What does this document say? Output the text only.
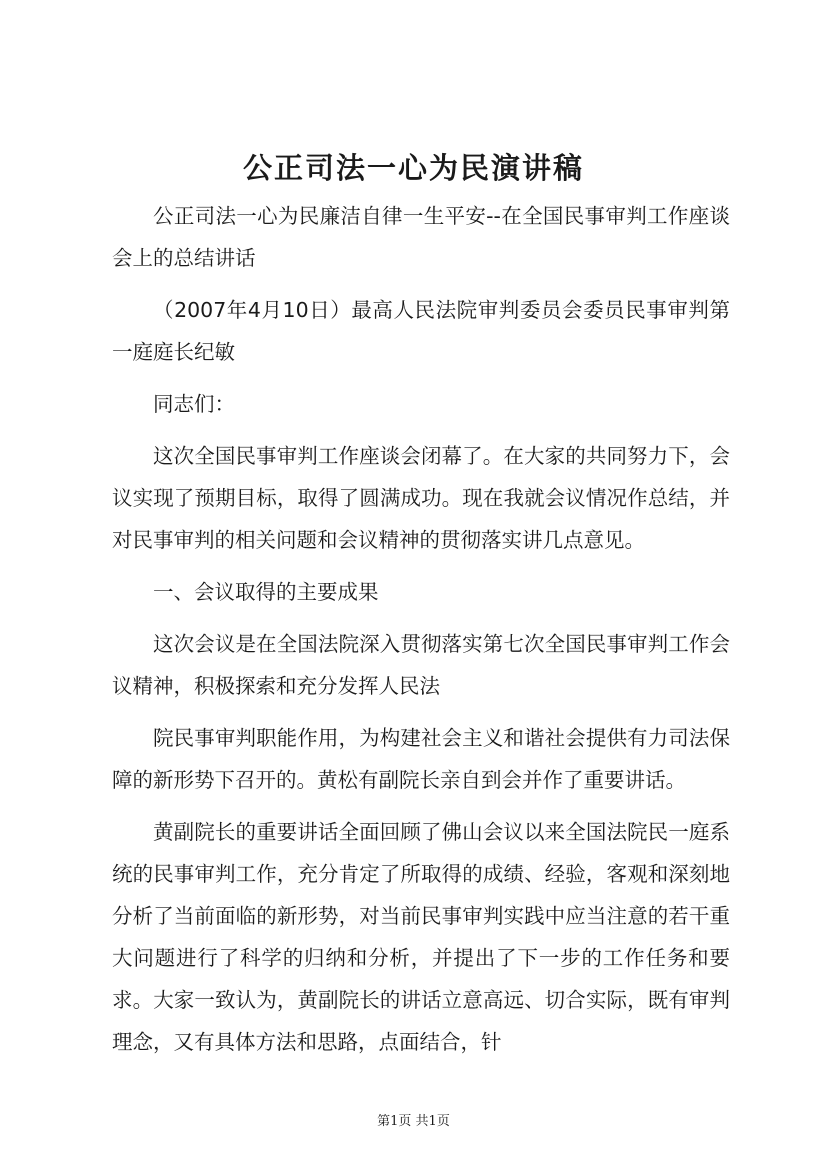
公正司法一心为民演讲稿

公正司法一心为民廉洁自律一生平安--在全国民事审判工作座谈会上的总结讲话

（2007年4月10日）最高人民法院审判委员会委员民事审判第一庭庭长纪敏

同志们：

这次全国民事审判工作座谈会闭幕了。在大家的共同努力下，会议实现了预期目标，取得了圆满成功。现在我就会议情况作总结，并对民事审判的相关问题和会议精神的贯彻落实讲几点意见。

一、会议取得的主要成果

这次会议是在全国法院深入贯彻落实第七次全国民事审判工作会议精神，积极探索和充分发挥人民法

院民事审判职能作用，为构建社会主义和谐社会提供有力司法保障的新形势下召开的。黄松有副院长亲自到会并作了重要讲话。

黄副院长的重要讲话全面回顾了佛山会议以来全国法院民一庭系统的民事审判工作，充分肯定了所取得的成绩、经验，客观和深刻地分析了当前面临的新形势，对当前民事审判实践中应当注意的若干重大问题进行了科学的归纳和分析，并提出了下一步的工作任务和要求。大家一致认为，黄副院长的讲话立意高远、切合实际，既有审判理念，又有具体方法和思路，点面结合，针

第1页 共1页
